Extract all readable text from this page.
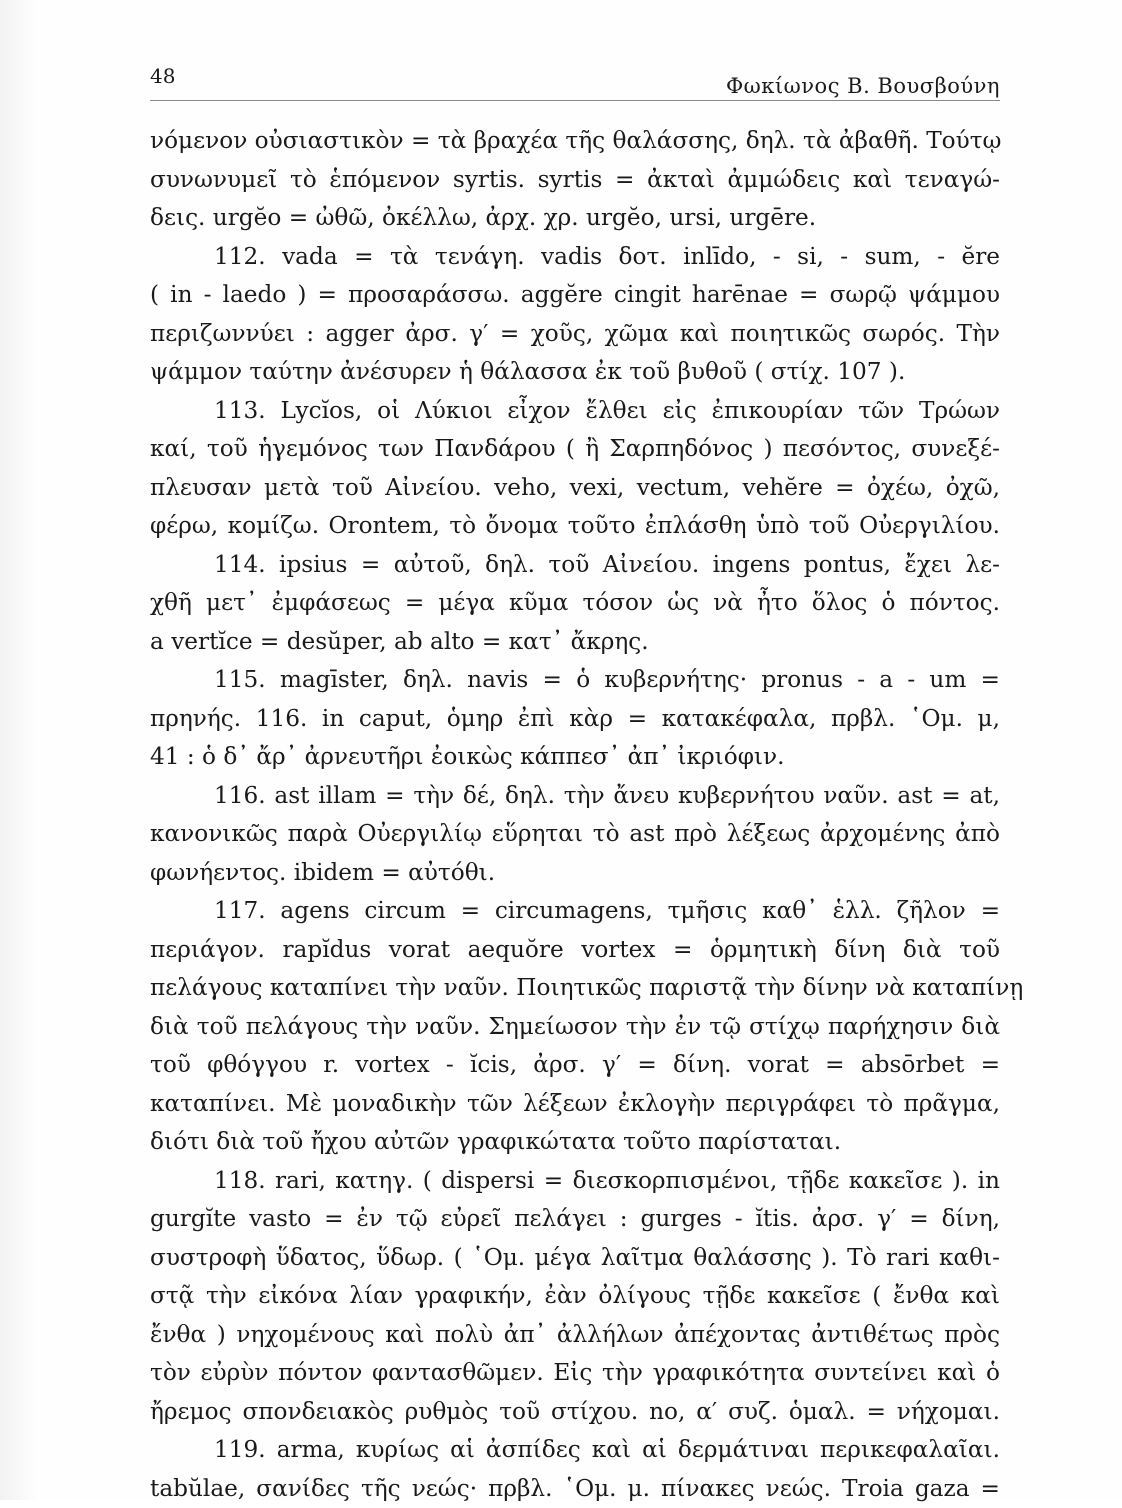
48	Φωκίωνος Β. Βουσβούνη
νόμενον οὐσιαστικὸν = τὰ βραχέα τῆς θαλάσσης, δηλ. τὰ ἀβαθῆ. Τούτῳ
συνωνυμεῖ τὸ ἑπόμενον syrtis. syrtis = ἀκταὶ ἀμμώδεις καὶ τεναγώ-
δεις. urgĕo = ὠθῶ, ὀκέλλω, ἀρχ. χρ. urgĕo, ursi, urgēre.
112. vada = τὰ τενάγη. vadis δοτ. inlīdo, - si, - sum, - ĕre
( in - laedo ) = προσαράσσω. aggĕre cingit harēnae = σωρῷ ψάμμου
περιζωννύει : agger ἀρσ. γ′ = χοῦς, χῶμα καὶ ποιητικῶς σωρός. Τὴν
ψάμμον ταύτην ἀνέσυρεν ἡ θάλασσα ἐκ τοῦ βυθοῦ ( στίχ. 107 ).
113. Lycĭos, οἱ Λύκιοι εἶχον ἔλθει εἰς ἐπικουρίαν τῶν Τρώων
καί, τοῦ ἡγεμόνος των Πανδάρου ( ἢ Σαρπηδόνος ) πεσόντος, συνεξέ-
πλευσαν μετὰ τοῦ Αἰνείου. veho, vexi, vectum, vehĕre = ὀχέω, ὀχῶ,
φέρω, κομίζω. Orontem, τὸ ὄνομα τοῦτο ἐπλάσθη ὑπὸ τοῦ Οὐεργιλίου.
114. ipsius = αὐτοῦ, δηλ. τοῦ Αἰνείου. ingens pontus, ἔχει λε-
χθῆ μετ᾽ ἐμφάσεως = μέγα κῦμα τόσον ὡς νὰ ἦτο ὅλος ὁ πόντος.
a vertĭce = desŭper, ab alto = κατ᾽ ἄκρης.
115. magīster, δηλ. navis = ὁ κυβερνήτης· pronus - a - um =
πρηνής. 116. in caput, ὁμηρ ἐπὶ κὰρ = κατακέφαλα, πρβλ. ῾Ομ. μ,
41 : ὁ δ᾽ ἄρ᾽ ἀρνευτῆρι ἐοικὼς κάππεσ᾽ ἀπ᾽ ἰκριόφιν.
116. ast illam = τὴν δέ, δηλ. τὴν ἄνευ κυβερνήτου ναῦν. ast = at,
κανονικῶς παρὰ Οὐεργιλίῳ εὕρηται τὸ ast πρὸ λέξεως ἀρχομένης ἀπὸ
φωνήεντος. ibidem = αὐτόθι.
117. agens circum = circumagens, τμῆσις καθ᾽ ἑλλ. ζῆλον =
περιάγον. rapĭdus vorat aequŏre vortex = ὁρμητικὴ δίνη διὰ τοῦ
πελάγους καταπίνει τὴν ναῦν. Ποιητικῶς παριστᾷ τὴν δίνην νὰ καταπίνῃ
διὰ τοῦ πελάγους τὴν ναῦν. Σημείωσον τὴν ἐν τῷ στίχῳ παρήχησιν διὰ
τοῦ φθόγγου r. vortex - ĭcis, ἀρσ. γ′ = δίνη. vorat = absōrbet =
καταπίνει. Μὲ μοναδικὴν τῶν λέξεων ἐκλογὴν περιγράφει τὸ πρᾶγμα,
διότι διὰ τοῦ ἤχου αὐτῶν γραφικώτατα τοῦτο παρίσταται.
118. rari, κατηγ. ( dispersi = διεσκορπισμένοι, τῇδε κακεῖσε ). in
gurgĭte vasto = ἐν τῷ εὐρεῖ πελάγει : gurges - ĭtis. ἀρσ. γ′ = δίνη,
συστροφὴ ὕδατος, ὕδωρ. ( ῾Ομ. μέγα λαῖτμα θαλάσσης ). Τὸ rari καθι-
στᾷ τὴν εἰκόνα λίαν γραφικήν, ἐὰν ὀλίγους τῇδε κακεῖσε ( ἔνθα καὶ
ἔνθα ) νηχομένους καὶ πολὺ ἀπ᾽ ἀλλήλων ἀπέχοντας ἀντιθέτως πρὸς
τὸν εὐρὺν πόντον φαντασθῶμεν. Εἰς τὴν γραφικότητα συντείνει καὶ ὁ
ἤρεμος σπονδειακὸς ρυθμὸς τοῦ στίχου. no, α′ συζ. ὁμαλ. = νήχομαι.
119. arma, κυρίως αἱ ἀσπίδες καὶ αἱ δερμάτιναι περικεφαλαῖαι.
tabŭlae, σανίδες τῆς νεώς· πρβλ. ῾Ομ. μ. πίνακες νεώς. Troia gaza =
